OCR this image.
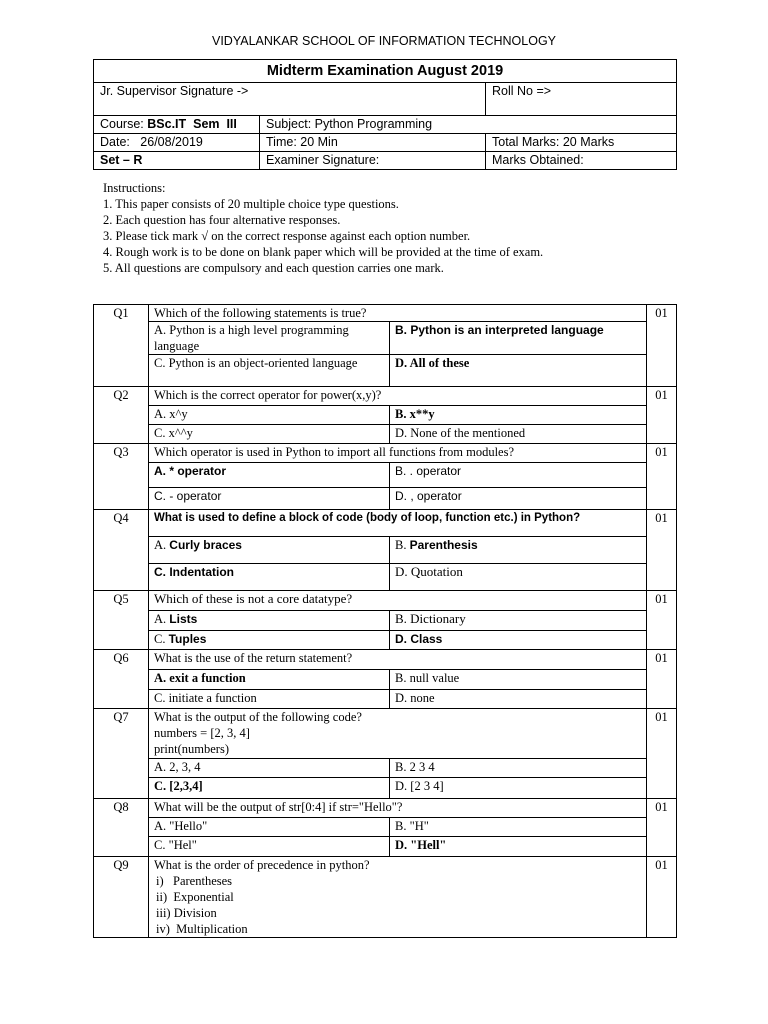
VIDYALANKAR SCHOOL OF INFORMATION TECHNOLOGY
Midterm Examination August 2019		
Jr. Supervisor Signature ->		Roll No =>
Course: BSc.IT  Sem  III	Subject: Python Programming	
Date:   26/08/2019	Time: 20 Min	Total Marks: 20 Marks
Set – R	Examiner Signature:	Marks Obtained:
Instructions:
1. This paper consists of 20 multiple choice type questions.
2. Each question has four alternative responses.
3. Please tick mark √ on the correct response against each option number.
4. Rough work is to be done on blank paper which will be provided at the time of exam.
5. All questions are compulsory and each question carries one mark.
Q1	Which of the following statements is true?		01
	A. Python is a high level programming language	B. Python is an interpreted language	
	C. Python is an object-oriented language	D. All of these	
Q2	Which is the correct operator for power(x,y)?		01
	A. x^y	B. x**y	
	C. x^^y	D. None of the mentioned	
Q3	Which operator is used in Python to import all functions from modules?		01
	A. * operator	B. . operator	
	C. - operator	D. , operator	
Q4	What is used to define a block of code (body of loop, function etc.) in Python?		01
	A. Curly braces	B. Parenthesis	
	C. Indentation	D. Quotation	
Q5	Which of these is not a core datatype?		01
	A. Lists	B. Dictionary	
	C. Tuples	D. Class	
Q6	What is the use of the return statement?		01
	A. exit a function	B. null value	
	C. initiate a function	D. none	
Q7	What is the output of the following code?
numbers = [2, 3, 4]
print(numbers)		01
	A. 2, 3, 4	B. 2 3 4	
	C. [2,3,4]	D. [2 3 4]	
Q8	What will be the output of str[0:4] if str="Hello"?		01
	A. "Hello"	B. "H"	
	C. "Hel"	D. "Hell"	
Q9	What is the order of precedence in python?
i)   Parentheses
ii)  Exponential
iii) Division
iv)  Multiplication		01
